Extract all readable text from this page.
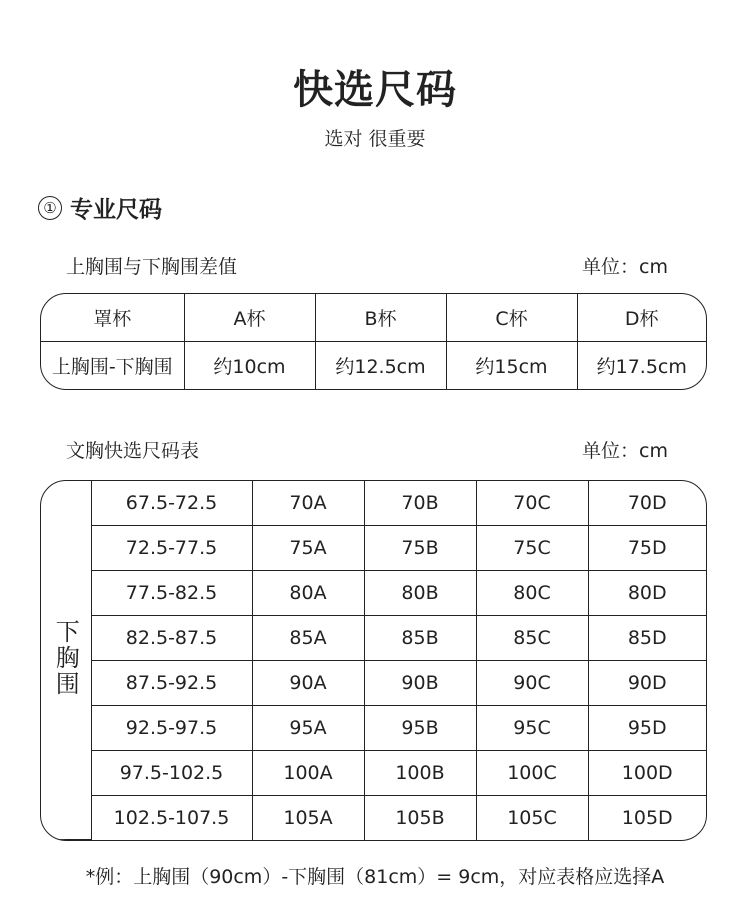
快选尺码
选对 很重要
① 专业尺码
上胸围与下胸围差值	单位：cm
罩杯	A杯	B杯	C杯	D杯
上胸围-下胸围	约10cm	约12.5cm	约15cm	约17.5cm
文胸快选尺码表	单位：cm
下胸围	67.5-72.5	70A	70B	70C	70D
	72.5-77.5	75A	75B	75C	75D
	77.5-82.5	80A	80B	80C	80D
	82.5-87.5	85A	85B	85C	85D
	87.5-92.5	90A	90B	90C	90D
	92.5-97.5	95A	95B	95C	95D
	97.5-102.5	100A	100B	100C	100D
	102.5-107.5	105A	105B	105C	105D
*例：上胸围（90cm）-下胸围（81cm）= 9cm，对应表格应选择A
